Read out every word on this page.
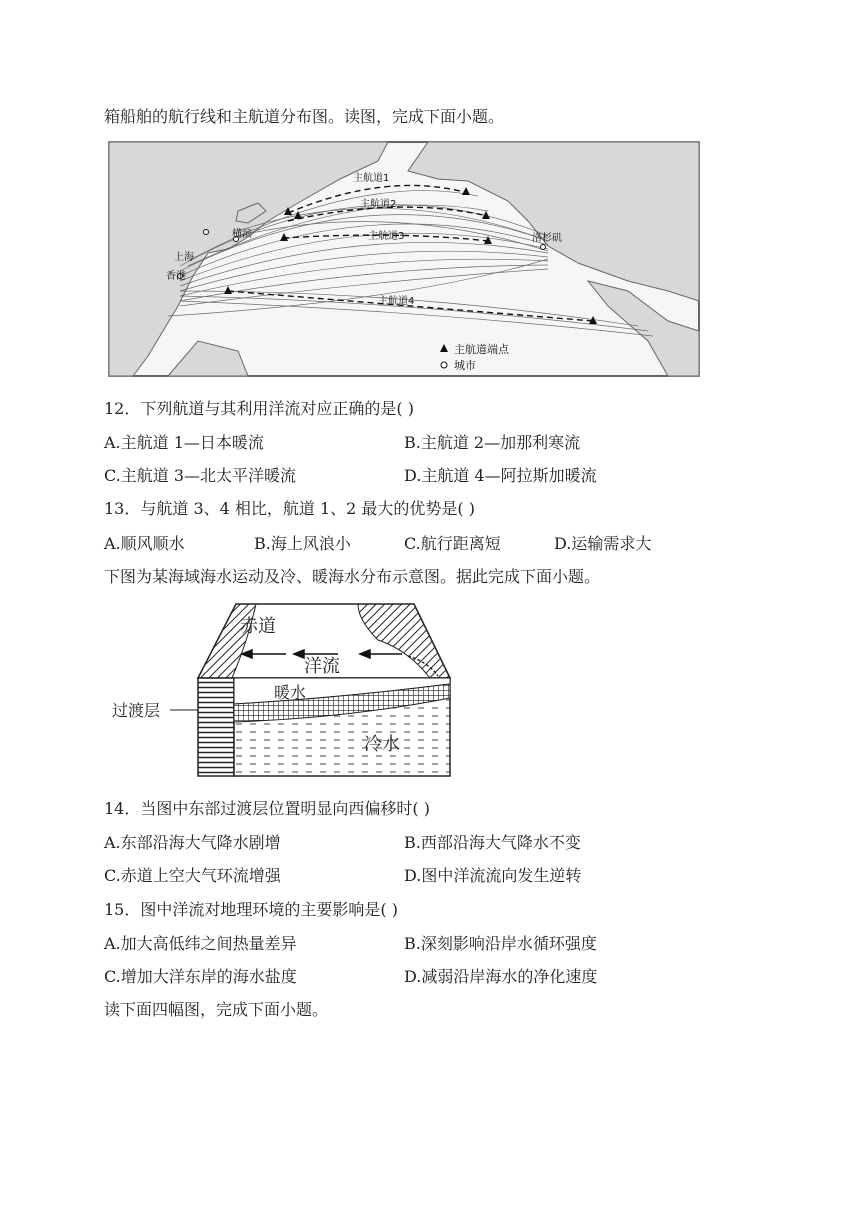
箱船舶的航行线和主航道分布图。读图，完成下面小题。
主航道1
主航道2
主航道3
主航道4
上海
香港
横滨	洛杉矶
主航道端点
城市
12．下列航道与其利用洋流对应正确的是( )
A.主航道 1—日本暖流	B.主航道 2—加那利寒流
C.主航道 3—北太平洋暖流	D.主航道 4—阿拉斯加暖流
13．与航道 3、4 相比，航道 1、2 最大的优势是( )
A.顺风顺水	B.海上风浪小	C.航行距离短	D.运输需求大
下图为某海域海水运动及冷、暖海水分布示意图。据此完成下面小题。
赤道
洋流
暖水
冷水
过渡层
14．当图中东部过渡层位置明显向西偏移时( )
A.东部沿海大气降水剧增	B.西部沿海大气降水不变
C.赤道上空大气环流增强	D.图中洋流流向发生逆转
15．图中洋流对地理环境的主要影响是( )
A.加大高低纬之间热量差异	B.深刻影响沿岸水循环强度
C.增加大洋东岸的海水盐度	D.减弱沿岸海水的净化速度
读下面四幅图，完成下面小题。
